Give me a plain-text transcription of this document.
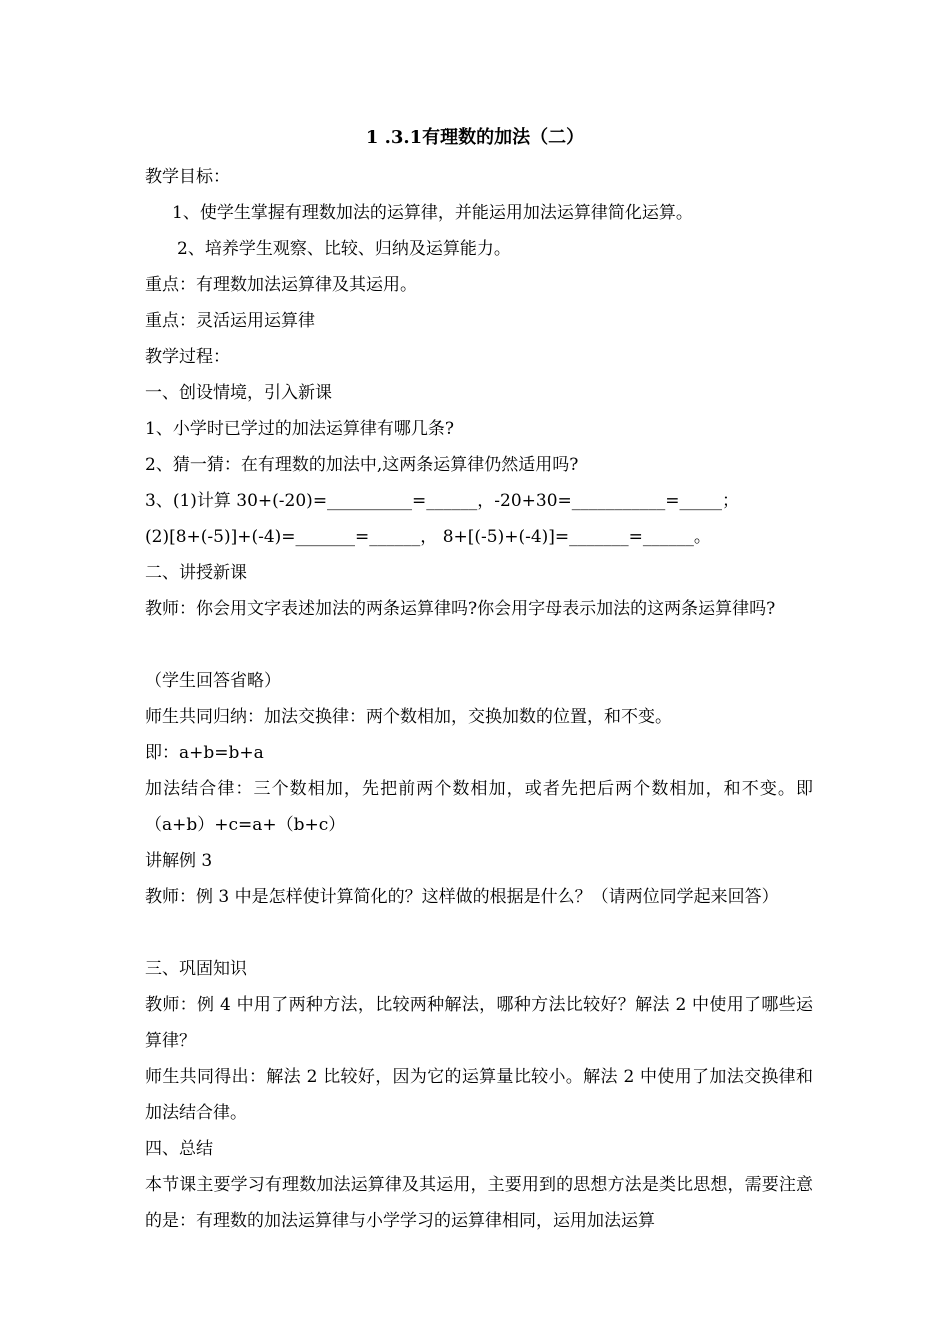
1 .3.1有理数的加法（二）
教学目标：
1、使学生掌握有理数加法的运算律，并能运用加法运算律简化运算。
2、培养学生观察、比较、归纳及运算能力。
重点：有理数加法运算律及其运用。
重点：灵活运用运算律
教学过程：
一、创设情境，引入新课
1、小学时已学过的加法运算律有哪几条?
2、猜一猜：在有理数的加法中,这两条运算律仍然适用吗?
3、(1)计算 30+(-20)=__________=______，-20+30=___________=_____；
(2)[8+(-5)]+(-4)=_______=______， 8+[(-5)+(-4)]=_______=______。
二、讲授新课
教师：你会用文字表述加法的两条运算律吗?你会用字母表示加法的这两条运算律吗?
（学生回答省略）
师生共同归纳：加法交换律：两个数相加，交换加数的位置，和不变。
即：a+b=b+a
加法结合律：三个数相加，先把前两个数相加，或者先把后两个数相加，和不变。即（a+b）+c=a+（b+c）
讲解例 3
教师：例 3 中是怎样使计算简化的？这样做的根据是什么？（请两位同学起来回答）
三、巩固知识
教师：例 4 中用了两种方法，比较两种解法，哪种方法比较好？解法 2 中使用了哪些运算律？
师生共同得出：解法 2 比较好，因为它的运算量比较小。解法 2 中使用了加法交换律和加法结合律。
四、总结
本节课主要学习有理数加法运算律及其运用，主要用到的思想方法是类比思想，需要注意的是：有理数的加法运算律与小学学习的运算律相同，运用加法运算
